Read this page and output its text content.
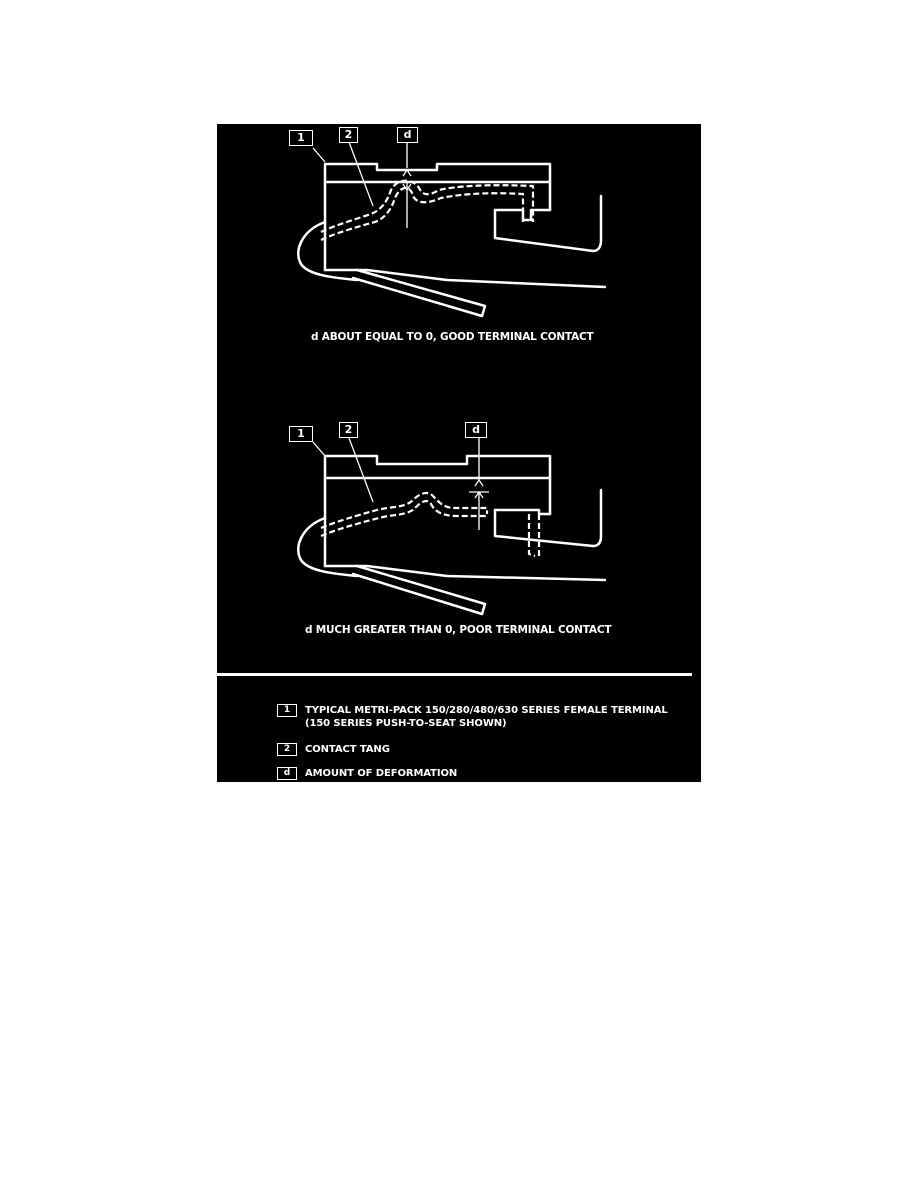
1	2	d
d ABOUT EQUAL TO 0, GOOD TERMINAL CONTACT
1	2	d
d MUCH GREATER THAN 0, POOR TERMINAL CONTACT
1	TYPICAL METRI-PACK 150/280/480/630 SERIES FEMALE TERMINAL
(150 SERIES PUSH-TO-SEAT SHOWN)
2	CONTACT TANG
d	AMOUNT OF DEFORMATION
